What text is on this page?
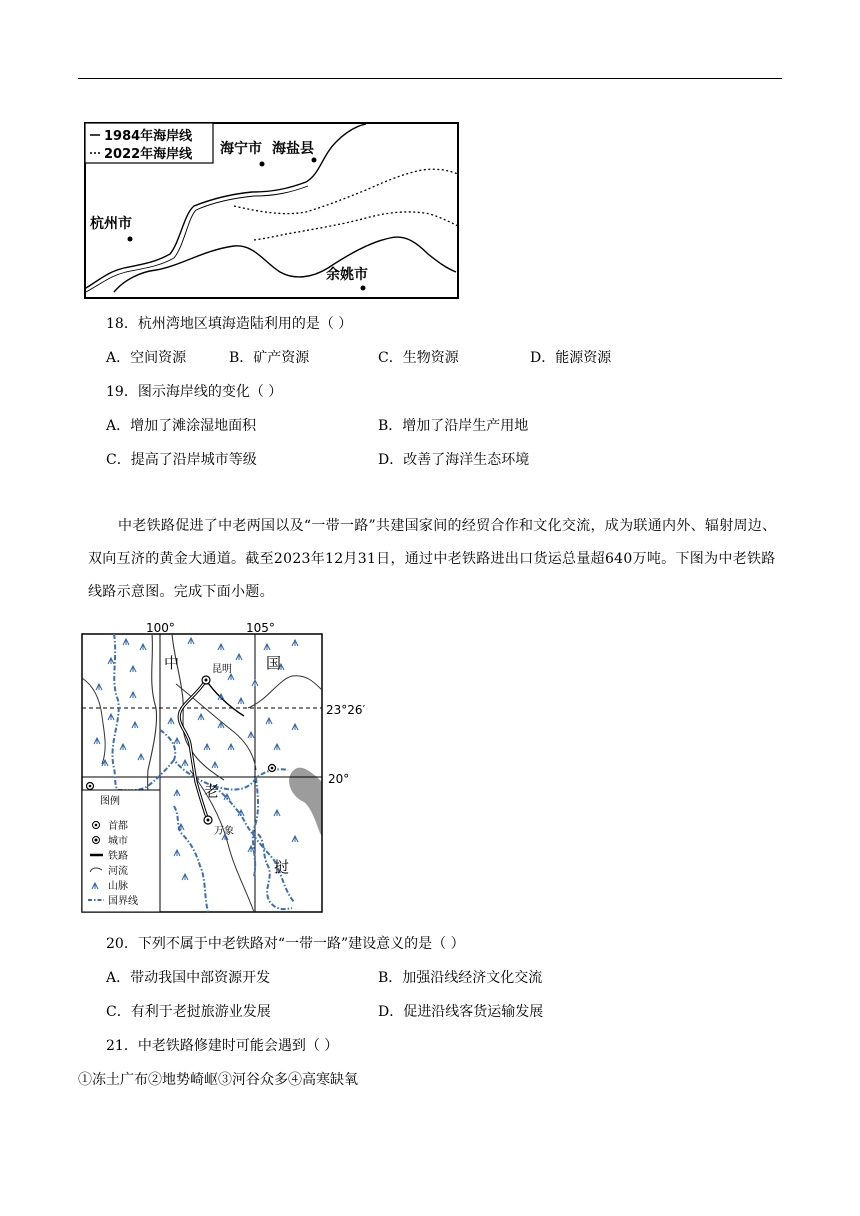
1984年海岸线
2022年海岸线 海宁市 海盐县
杭州市
余姚市
18．杭州湾地区填海造陆利用的是（ ）
A．空间资源	B．矿产资源	C．生物资源	D．能源资源
19．图示海岸线的变化（ ）
A．增加了滩涂湿地面积	B．增加了沿岸生产用地
C．提高了沿岸城市等级	D．改善了海洋生态环境
中老铁路促进了中老两国以及“一带一路”共建国家间的经贸合作和文化交流，成为联通内外、辐射周边、双向互济的黄金大通道。截至2023年12月31日，通过中老铁路进出口货运总量超640万吨。下图为中老铁路线路示意图。完成下面小题。
100°	105°
23°26′
20°
昆明
万象
中	国
老
挝
图例
首都
城市
铁路
河流
山脉
国界线
20．下列不属于中老铁路对“一带一路”建设意义的是（ ）
A．带动我国中部资源开发	B．加强沿线经济文化交流
C．有利于老挝旅游业发展	D．促进沿线客货运输发展
21．中老铁路修建时可能会遇到（ ）
①冻土广布②地势崎岖③河谷众多④高寒缺氧
